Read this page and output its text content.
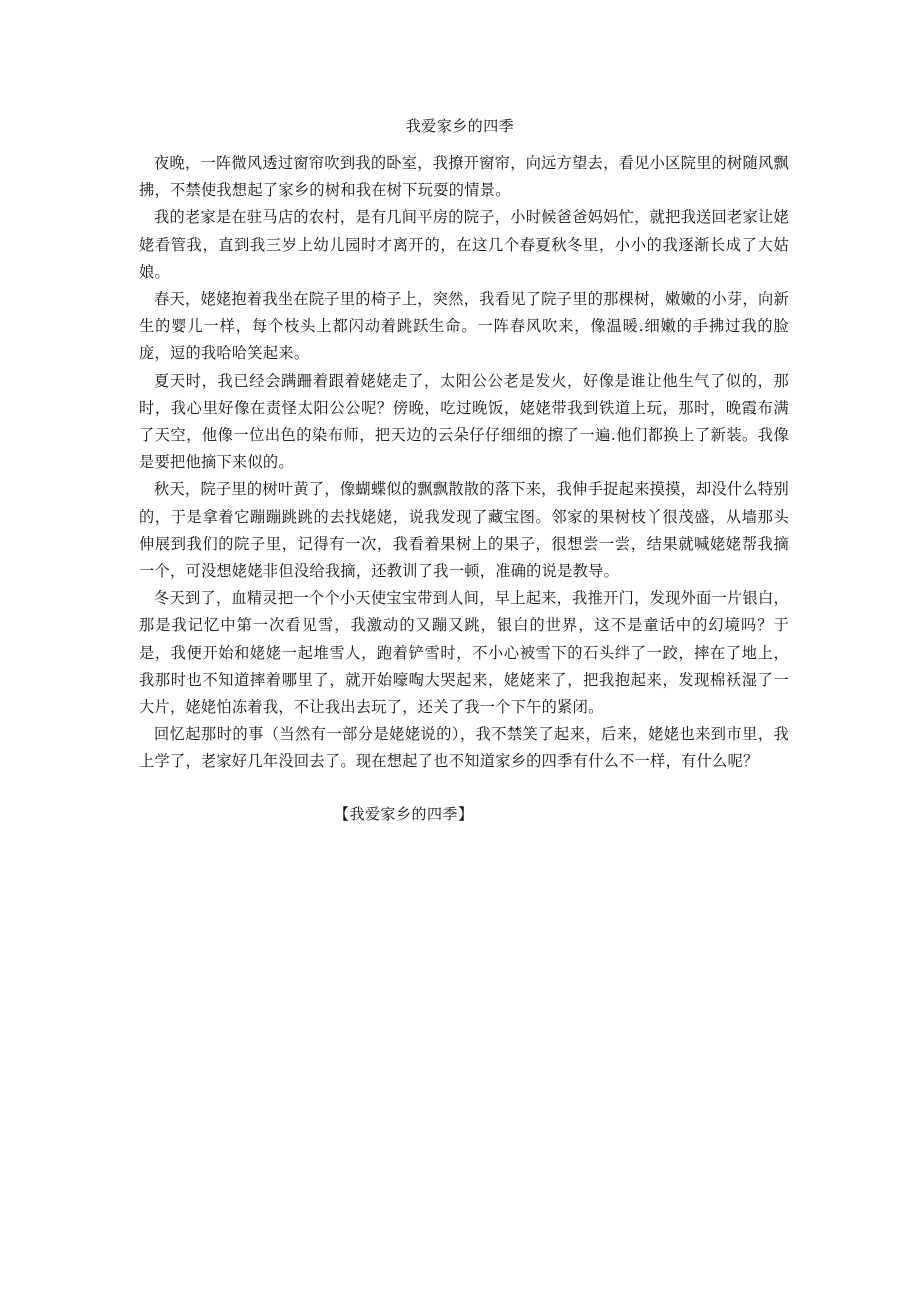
我爱家乡的四季

夜晚，一阵微风透过窗帘吹到我的卧室，我撩开窗帘，向远方望去，看见小区院里的树随风飘拂，不禁使我想起了家乡的树和我在树下玩耍的情景。

我的老家是在驻马店的农村，是有几间平房的院子，小时候爸爸妈妈忙，就把我送回老家让姥姥看管我，直到我三岁上幼儿园时才离开的，在这几个春夏秋冬里，小小的我逐渐长成了大姑娘。

春天，姥姥抱着我坐在院子里的椅子上，突然，我看见了院子里的那棵树，嫩嫩的小芽，向新生的婴儿一样，每个枝头上都闪动着跳跃生命。一阵春风吹来，像温暖.细嫩的手拂过我的脸庞，逗的我哈哈笑起来。

夏天时，我已经会蹒跚着跟着姥姥走了，太阳公公老是发火，好像是谁让他生气了似的，那时，我心里好像在责怪太阳公公呢？傍晚，吃过晚饭，姥姥带我到铁道上玩，那时，晚霞布满了天空，他像一位出色的染布师，把天边的云朵仔仔细细的擦了一遍.他们都换上了新装。我像是要把他摘下来似的。

秋天，院子里的树叶黄了，像蝴蝶似的飘飘散散的落下来，我伸手捉起来摸摸，却没什么特别的，于是拿着它蹦蹦跳跳的去找姥姥，说我发现了藏宝图。邻家的果树枝丫很茂盛，从墙那头伸展到我们的院子里，记得有一次，我看着果树上的果子，很想尝一尝，结果就喊姥姥帮我摘一个，可没想姥姥非但没给我摘，还教训了我一顿，准确的说是教导。

冬天到了，血精灵把一个个小天使宝宝带到人间，早上起来，我推开门，发现外面一片银白，那是我记忆中第一次看见雪，我激动的又蹦又跳，银白的世界，这不是童话中的幻境吗？于是，我便开始和姥姥一起堆雪人，跑着铲雪时，不小心被雪下的石头绊了一跤，摔在了地上，我那时也不知道摔着哪里了，就开始嚎啕大哭起来，姥姥来了，把我抱起来，发现棉袄湿了一大片，姥姥怕冻着我，不让我出去玩了，还关了我一个下午的紧闭。

回忆起那时的事（当然有一部分是姥姥说的），我不禁笑了起来，后来，姥姥也来到市里，我上学了，老家好几年没回去了。现在想起了也不知道家乡的四季有什么不一样，有什么呢？

【我爱家乡的四季】
